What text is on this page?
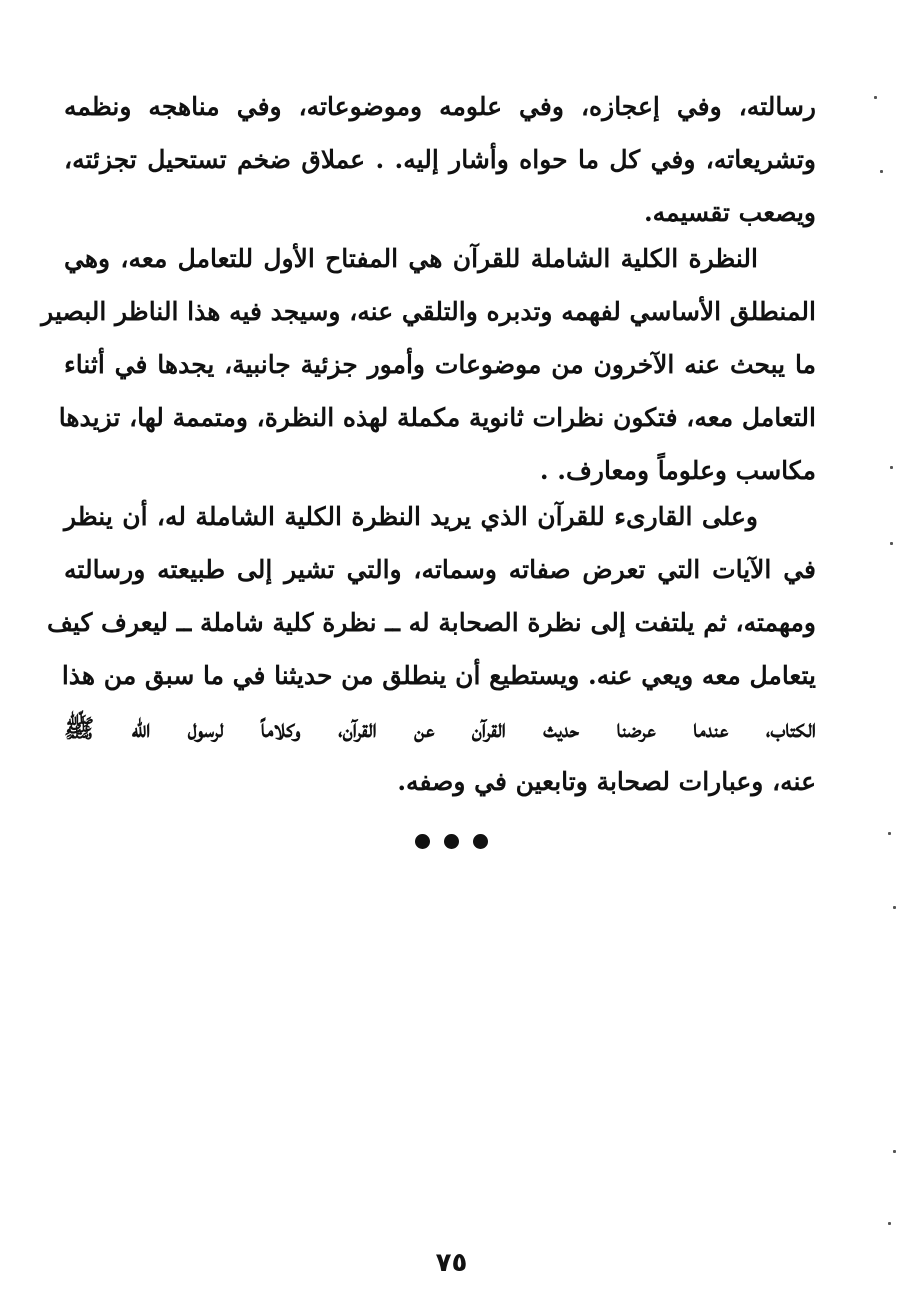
رسالته، وفي إعجازه، وفي علومه وموضوعاته، وفي مناهجه ونظمه
وتشريعاته، وفي كل ما حواه وأشار إليه. . عملاق ضخم تستحيل تجزئته،
ويصعب تقسيمه.
النظرة الكلية الشاملة للقرآن هي المفتاح الأول للتعامل معه، وهي
المنطلق الأساسي لفهمه وتدبره والتلقي عنه، وسيجد فيه هذا الناظر البصير
ما يبحث عنه الآخرون من موضوعات وأمور جزئية جانبية، يجدها في أثناء
التعامل معه، فتكون نظرات ثانوية مكملة لهذه النظرة، ومتممة لها، تزيدها
مكاسب وعلوماً ومعارف. .
وعلى القارىء للقرآن الذي يريد النظرة الكلية الشاملة له، أن ينظر
في الآيات التي تعرض صفاته وسماته، والتي تشير إلى طبيعته ورسالته
ومهمته، ثم يلتفت إلى نظرة الصحابة له ــ نظرة كلية شاملة ــ ليعرف كيف
يتعامل معه ويعي عنه. ويستطيع أن ينطلق من حديثنا في ما سبق من هذا
الكتاب، عندما عرضنا حديث القرآن عن القرآن، وكلاماً لرسول الله ﷺ
عنه، وعبارات لصحابة وتابعين في وصفه.

٧٥
